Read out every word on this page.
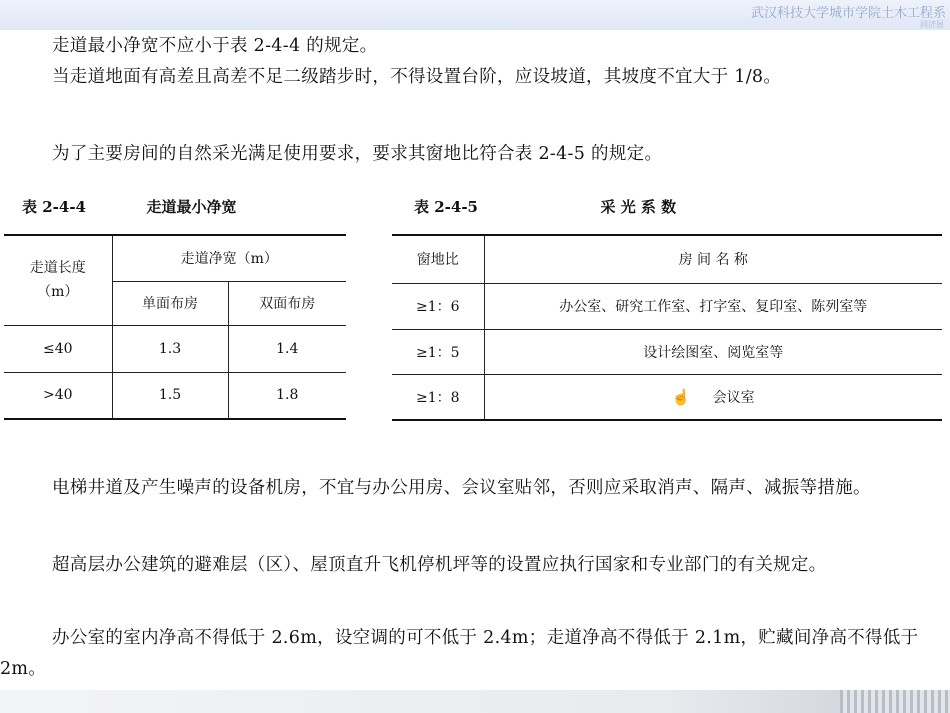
武汉科技大学城市学院土木工程系
同济屋

走道最小净宽不应小于表 2-4-4 的规定。

当走道地面有高差且高差不足二级踏步时，不得设置台阶，应设坡道，其坡度不宜大于 1/8。

为了主要房间的自然采光满足使用要求，要求其窗地比符合表 2-4-5 的规定。

表 2-4-4	走道最小净宽
走道长度（m）	走道净宽（m）	
	单面布房	双面布房
≤40	1.3	1.4
>40	1.5	1.8
表 2-4-5	采 光 系 数
窗地比	房 间 名 称
≥1：6	办公室、研究工作室、打字室、复印室、陈列室等
≥1：5	设计绘图室、阅览室等
≥1：8	☝ 会议室

电梯井道及产生噪声的设备机房，不宜与办公用房、会议室贴邻，否则应采取消声、隔声、减振等措施。

超高层办公建筑的避难层（区）、屋顶直升飞机停机坪等的设置应执行国家和专业部门的有关规定。

办公室的室内净高不得低于 2.6m，设空调的可不低于 2.4m；走道净高不得低于 2.1m，贮藏间净高不得低于 2m。
